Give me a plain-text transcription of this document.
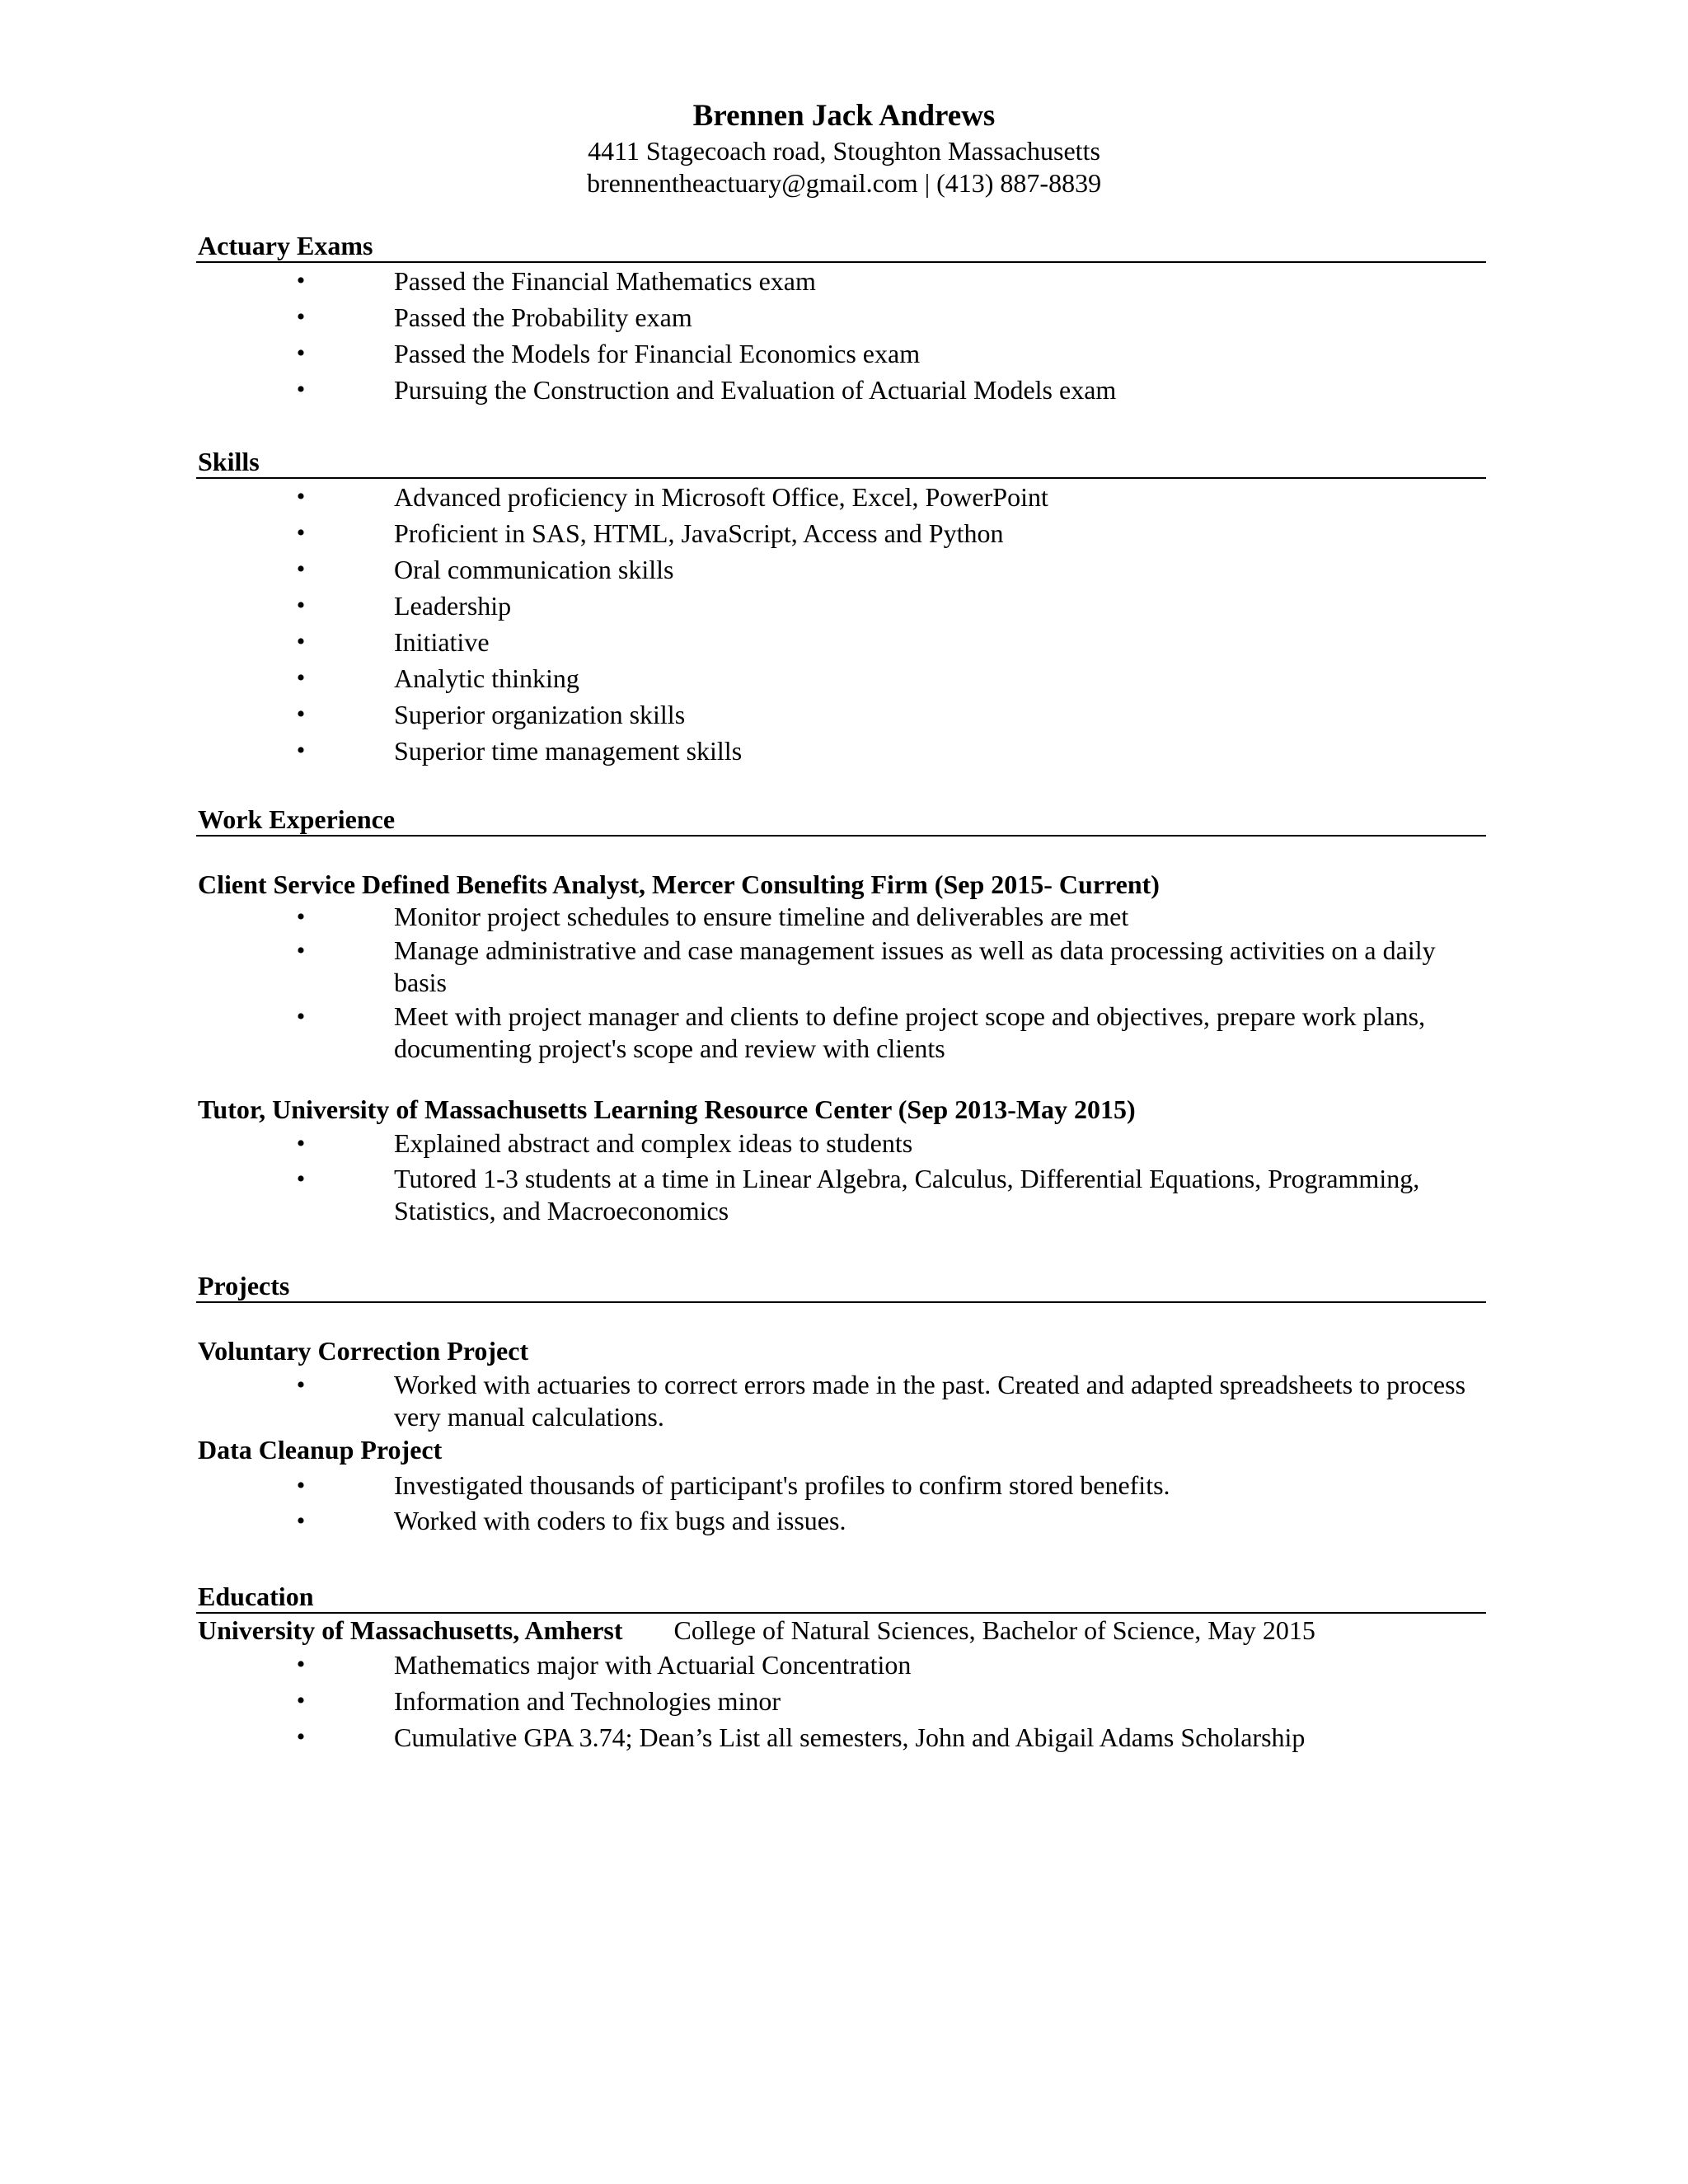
Brennen Jack Andrews
4411 Stagecoach road, Stoughton Massachusetts
brennentheactuary@gmail.com | (413) 887-8839
Actuary Exams
•	Passed the Financial Mathematics exam
•	Passed the Probability exam
•	Passed the Models for Financial Economics exam
•	Pursuing the Construction and Evaluation of Actuarial Models exam
Skills
•	Advanced proficiency in Microsoft Office, Excel, PowerPoint
•	Proficient in SAS, HTML, JavaScript, Access and Python
•	Oral communication skills
•	Leadership
•	Initiative
•	Analytic thinking
•	Superior organization skills
•	Superior time management skills
Work Experience
Client Service Defined Benefits Analyst, Mercer Consulting Firm (Sep 2015- Current)
•	Monitor project schedules to ensure timeline and deliverables are met
•	Manage administrative and case management issues as well as data processing activities on a daily basis
•	Meet with project manager and clients to define project scope and objectives, prepare work plans, documenting project's scope and review with clients
Tutor, University of Massachusetts Learning Resource Center (Sep 2013-May 2015)
•	Explained abstract and complex ideas to students
•	Tutored 1-3 students at a time in Linear Algebra, Calculus, Differential Equations, Programming, Statistics, and Macroeconomics
Projects
Voluntary Correction Project
•	Worked with actuaries to correct errors made in the past. Created and adapted spreadsheets to process very manual calculations.
Data Cleanup Project
•	Investigated thousands of participant's profiles to confirm stored benefits.
•	Worked with coders to fix bugs and issues.
Education
University of Massachusetts, Amherst College of Natural Sciences, Bachelor of Science, May 2015
•	Mathematics major with Actuarial Concentration
•	Information and Technologies minor
•	Cumulative GPA 3.74; Dean’s List all semesters, John and Abigail Adams Scholarship
